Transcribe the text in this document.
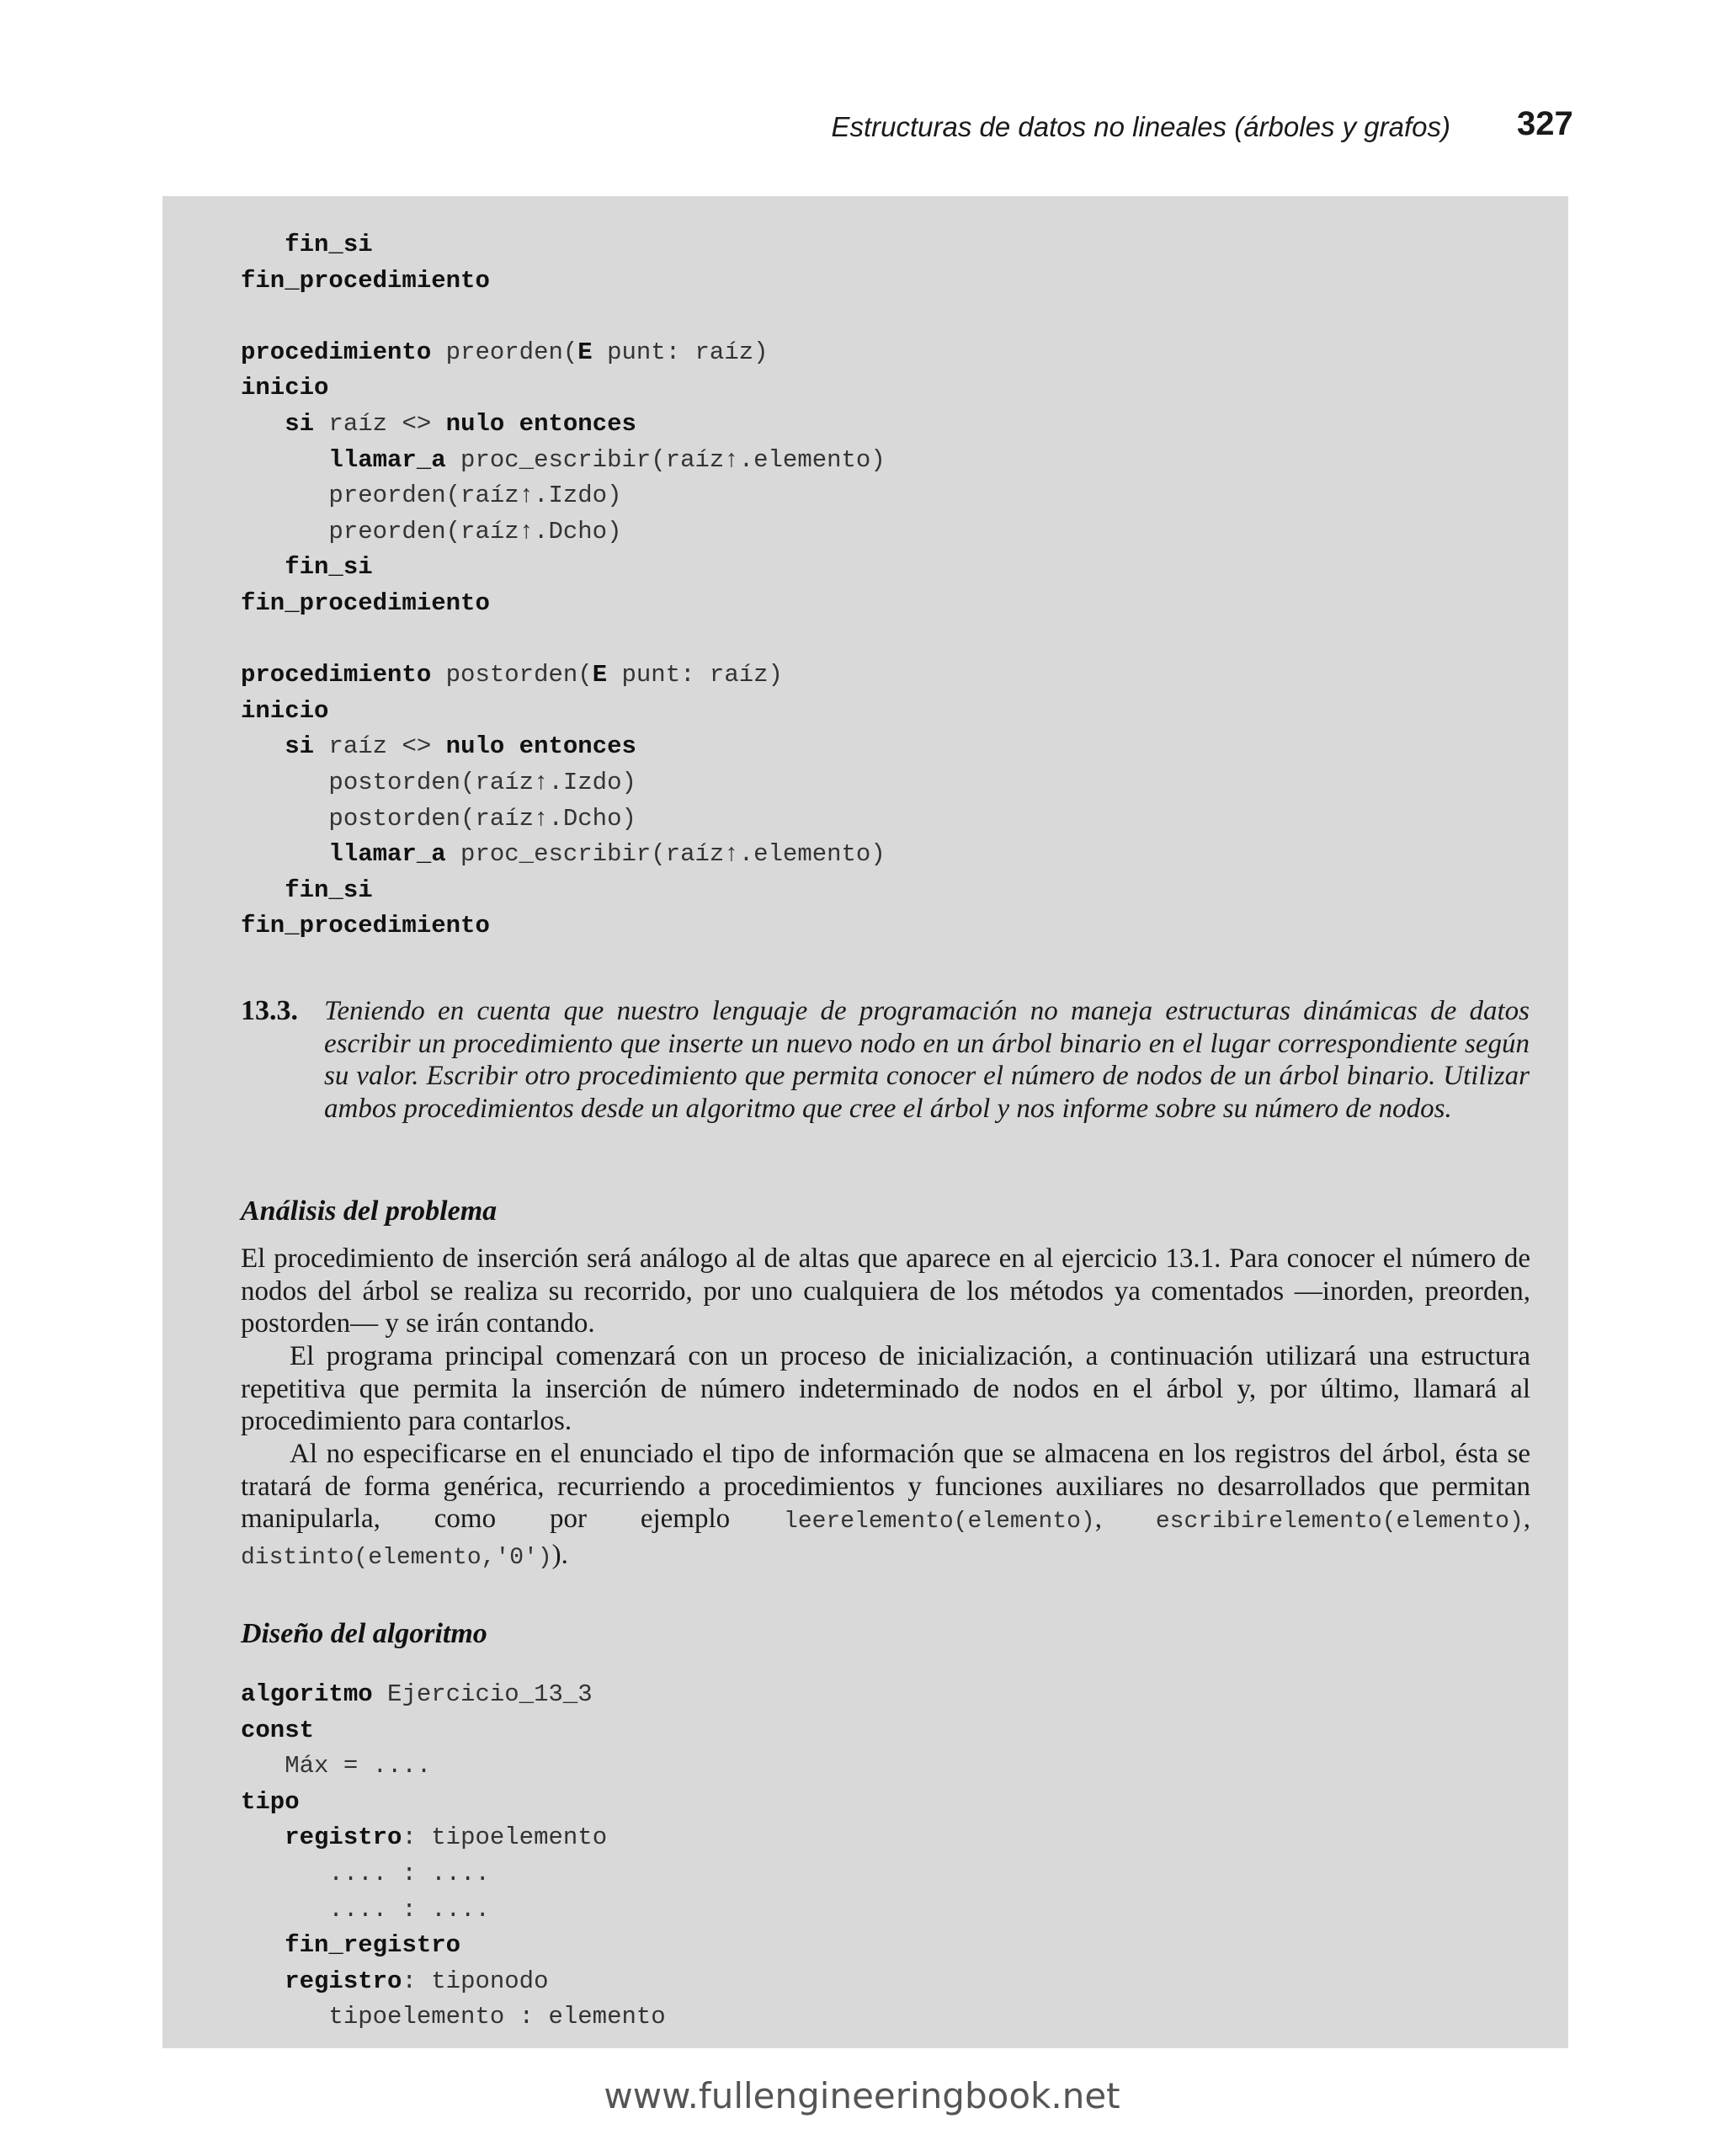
Estructuras de datos no lineales (árboles y grafos) 327
fin_si
fin_procedimiento
procedimiento preorden(E punt: raíz)
inicio
si raíz <> nulo entonces
llamar_a proc_escribir(raíz↑.elemento)
preorden(raíz↑.Izdo)
preorden(raíz↑.Dcho)
fin_si
fin_procedimiento
procedimiento postorden(E punt: raíz)
inicio
si raíz <> nulo entonces
postorden(raíz↑.Izdo)
postorden(raíz↑.Dcho)
llamar_a proc_escribir(raíz↑.elemento)
fin_si
fin_procedimiento
13.3. Teniendo en cuenta que nuestro lenguaje de programación no maneja estructuras dinámicas de datos escribir un procedimiento que inserte un nuevo nodo en un árbol binario en el lugar correspondiente según su valor. Escribir otro procedimiento que permita conocer el número de nodos de un árbol binario. Utilizar ambos procedimientos desde un algoritmo que cree el árbol y nos informe sobre su número de nodos.
Análisis del problema

El procedimiento de inserción será análogo al de altas que aparece en al ejercicio 13.1. Para conocer el número de nodos del árbol se realiza su recorrido, por uno cualquiera de los métodos ya comentados —inorden, preorden, postorden— y se irán contando.

El programa principal comenzará con un proceso de inicialización, a continuación utilizará una estructura repetitiva que permita la inserción de número indeterminado de nodos en el árbol y, por último, llamará al procedimiento para contarlos.

Al no especificarse en el enunciado el tipo de información que se almacena en los registros del árbol, ésta se tratará de forma genérica, recurriendo a procedimientos y funciones auxiliares no desarrollados que permitan manipularla, como por ejemplo leerelemento(elemento), escribirelemento(elemento), distinto(elemento,'0')).

Diseño del algoritmo
algoritmo Ejercicio_13_3
const
Máx = ....
tipo
registro: tipoelemento
.... : ....
.... : ....
fin_registro
registro: tiponodo
tipoelemento : elemento
www.fullengineeringbook.net
